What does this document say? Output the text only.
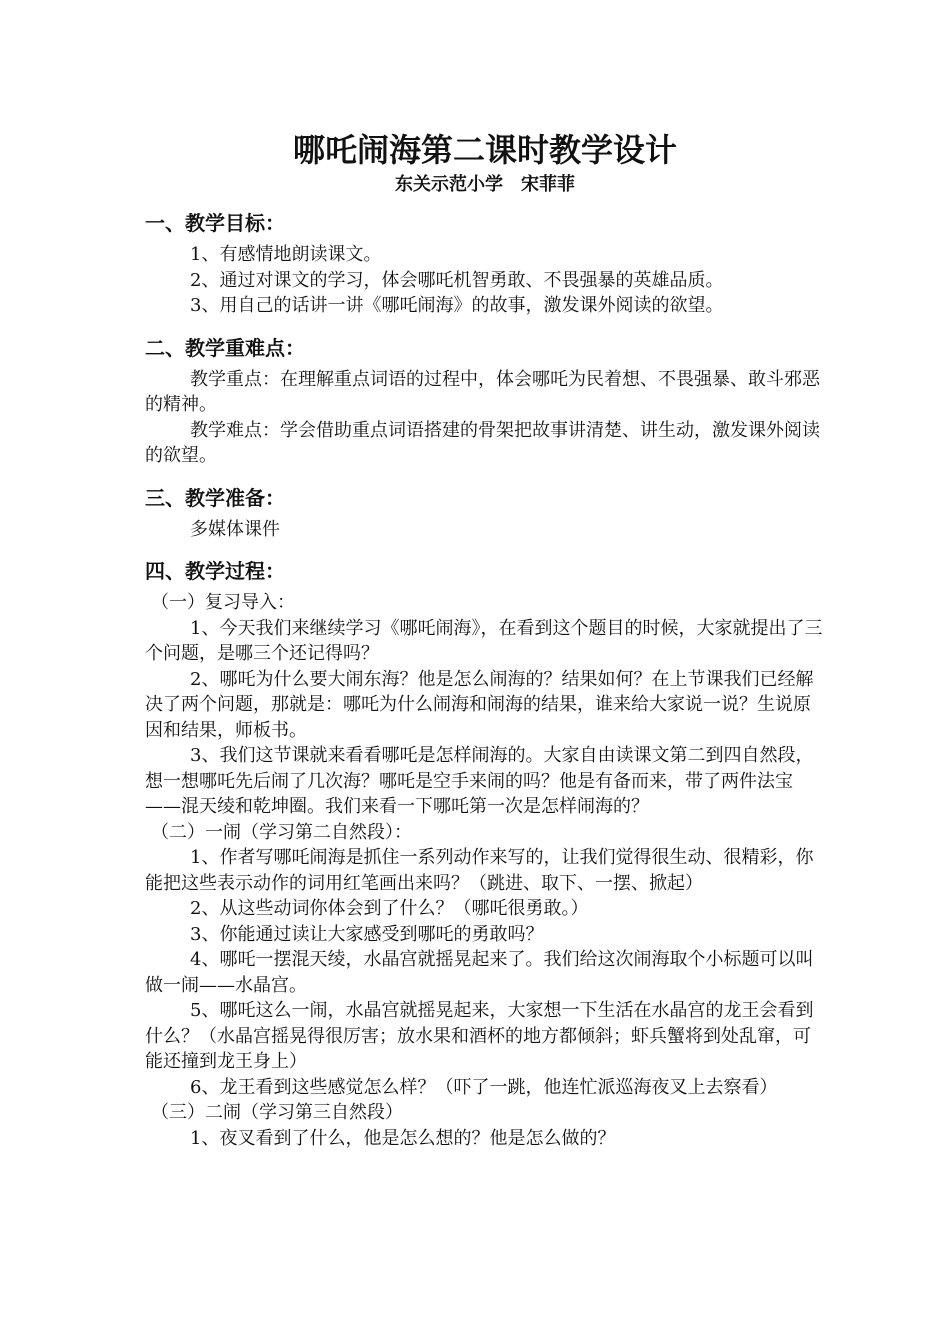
哪吒闹海第二课时教学设计
东关示范小学　宋菲菲
一、教学目标：

1、有感情地朗读课文。

2、通过对课文的学习，体会哪吒机智勇敢、不畏强暴的英雄品质。

3、用自己的话讲一讲《哪吒闹海》的故事，激发课外阅读的欲望。

二、教学重难点：

教学重点：在理解重点词语的过程中，体会哪吒为民着想、不畏强暴、敢斗邪恶的精神。

教学难点：学会借助重点词语搭建的骨架把故事讲清楚、讲生动，激发课外阅读的欲望。

三、教学准备：

多媒体课件

四、教学过程：

（一）复习导入：

1、今天我们来继续学习《哪吒闹海》，在看到这个题目的时候，大家就提出了三个问题，是哪三个还记得吗？

2、哪吒为什么要大闹东海？他是怎么闹海的？结果如何？在上节课我们已经解决了两个问题，那就是：哪吒为什么闹海和闹海的结果，谁来给大家说一说？生说原因和结果，师板书。

3、我们这节课就来看看哪吒是怎样闹海的。大家自由读课文第二到四自然段，想一想哪吒先后闹了几次海？哪吒是空手来闹的吗？他是有备而来，带了两件法宝——混天绫和乾坤圈。我们来看一下哪吒第一次是怎样闹海的？

（二）一闹（学习第二自然段）：

1、作者写哪吒闹海是抓住一系列动作来写的，让我们觉得很生动、很精彩，你能把这些表示动作的词用红笔画出来吗？（跳进、取下、一摆、掀起）

2、从这些动词你体会到了什么？（哪吒很勇敢。）

3、你能通过读让大家感受到哪吒的勇敢吗？

4、哪吒一摆混天绫，水晶宫就摇晃起来了。我们给这次闹海取个小标题可以叫做一闹——水晶宫。

5、哪吒这么一闹，水晶宫就摇晃起来，大家想一下生活在水晶宫的龙王会看到什么？（水晶宫摇晃得很厉害；放水果和酒杯的地方都倾斜；虾兵蟹将到处乱窜，可能还撞到龙王身上）

6、龙王看到这些感觉怎么样？（吓了一跳，他连忙派巡海夜叉上去察看）

（三）二闹（学习第三自然段）

1、夜叉看到了什么，他是怎么想的？他是怎么做的？
